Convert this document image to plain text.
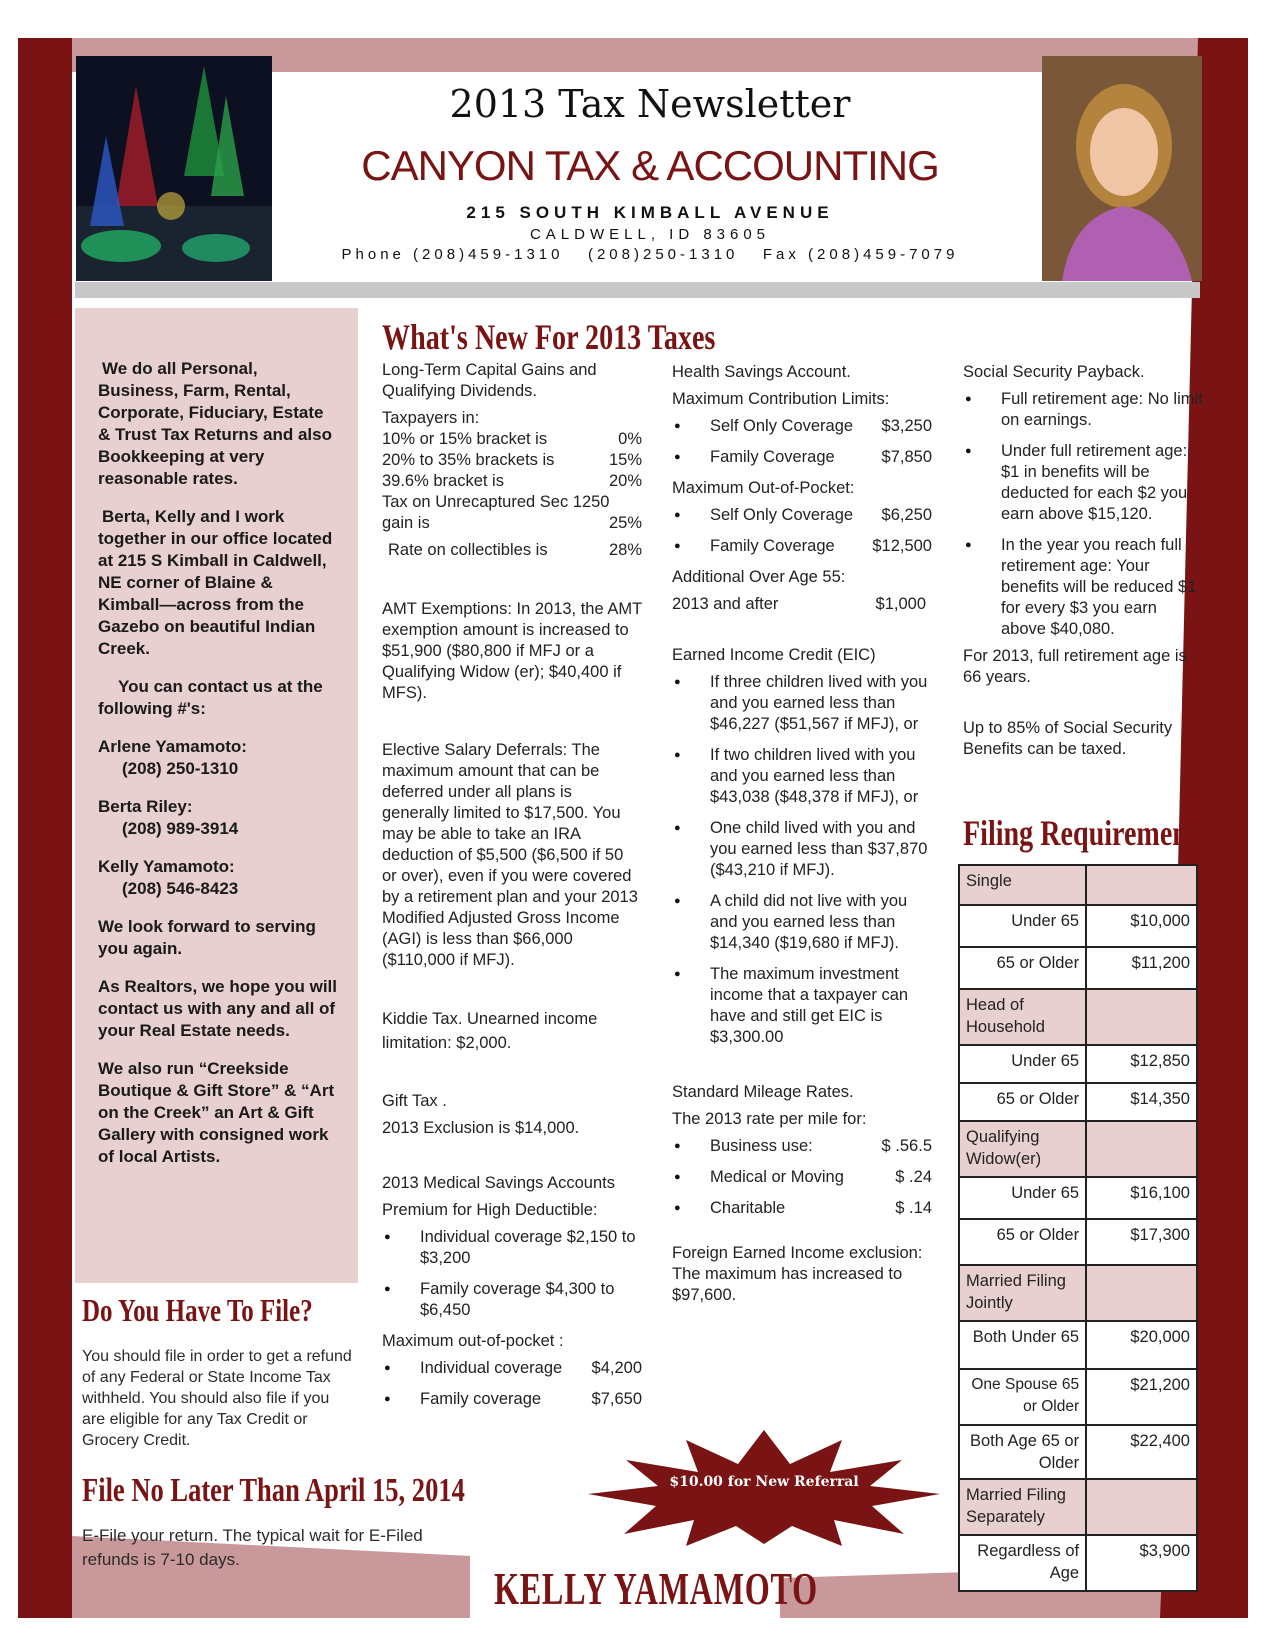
2013 Tax Newsletter
CANYON TAX & ACCOUNTING
215 SOUTH KIMBALL AVENUE
CALDWELL, ID 83605
Phone (208)459-1310   (208)250-1310   Fax (208)459-7079

We do all Personal, Business, Farm, Rental, Corporate, Fiduciary, Estate & Trust Tax Returns and also Bookkeeping at very reasonable rates.

Berta, Kelly and I work together in our office located at 215 S Kimball in Caldwell, NE corner of Blaine & Kimball—across from the Gazebo on beautiful Indian Creek.

You can contact us at the following #'s:

Arlene Yamamoto:
(208) 250-1310
Berta Riley:
(208) 989-3914
Kelly Yamamoto:
(208) 546-8423

We look forward to serving you again.

As Realtors, we hope you will contact us with any and all of your Real Estate needs.

We also run “Creekside Boutique & Gift Store” & “Art on the Creek” an Art & Gift Gallery with consigned work of local Artists.

Do You Have To File?
You should file in order to get a refund of any Federal or State Income Tax withheld. You should also file if you are eligible for any Tax Credit or Grocery Credit.
File No Later Than April 15, 2014
E-File your return. The typical wait for E-Filed refunds is 7-10 days.
What's New For 2013 Taxes
Long-Term Capital Gains and Qualifying Dividends.
Taxpayers in:
10% or 15% bracket is	0%
20% to 35% brackets is	15%
39.6% bracket is	20%
Tax on Unrecaptured Sec 1250
gain is	25%
Rate on collectibles is	28%
AMT Exemptions: In 2013, the AMT exemption amount is increased to $51,900 ($80,800 if MFJ or a Qualifying Widow (er); $40,400 if MFS).
Elective Salary Deferrals: The maximum amount that can be deferred under all plans is generally limited to $17,500. You may be able to take an IRA deduction of $5,500 ($6,500 if 50 or over), even if you were covered by a retirement plan and your 2013 Modified Adjusted Gross Income (AGI) is less than $66,000 ($110,000 if MFJ).
Kiddie Tax. Unearned income limitation: $2,000.
Gift Tax .
2013 Exclusion is $14,000.
2013 Medical Savings Accounts
Premium for High Deductible:
● Individual coverage $2,150 to $3,200
● Family coverage $4,300 to $6,450
Maximum out-of-pocket :
● Individual coverage $4,200
● Family coverage	$7,650
Health Savings Account.
Maximum Contribution Limits:
● Self Only Coverage $3,250
● Family Coverage	$7,850
Maximum Out-of-Pocket:
● Self Only Coverage $6,250
● Family Coverage $12,500
Additional Over Age 55:
2013 and after	$1,000
Earned Income Credit (EIC)
● If three children lived with you and you earned less than $46,227 ($51,567 if MFJ), or
● If two children lived with you and you earned less than $43,038 ($48,378 if MFJ), or
● One child lived with you and you earned less than $37,870 ($43,210 if MFJ).
● A child did not live with you and you earned less than $14,340 ($19,680 if MFJ).
● The maximum investment income that a taxpayer can have and still get EIC is $3,300.00
Standard Mileage Rates.
The 2013 rate per mile for:
● Business use:	$ .56.5
● Medical or Moving	$ .24
● Charitable	$ .14
Foreign Earned Income exclusion: The maximum has increased to $97,600.
Social Security Payback.
● Full retirement age: No limit on earnings.
● Under full retirement age: $1 in benefits will be deducted for each $2 you earn above $15,120.
● In the year you reach full retirement age: Your benefits will be reduced $1 for every $3 you earn above $40,080.
For 2013, full retirement age is 66 years.
Up to 85% of Social Security Benefits can be taxed.
Filing Requirements
Single	
Under 65	$10,000
65 or Older	$11,200
Head of Household	
Under 65	$12,850
65 or Older	$14,350
Qualifying Widow(er)	
Under 65	$16,100
65 or Older	$17,300
Married Filing Jointly	
Both Under 65	$20,000
One Spouse 65 or Older	$21,200
Both Age 65 or Older	$22,400
Married Filing Separately	
Regardless of Age	$3,900
$10.00 for New Referral
KELLY YAMAMOTO
